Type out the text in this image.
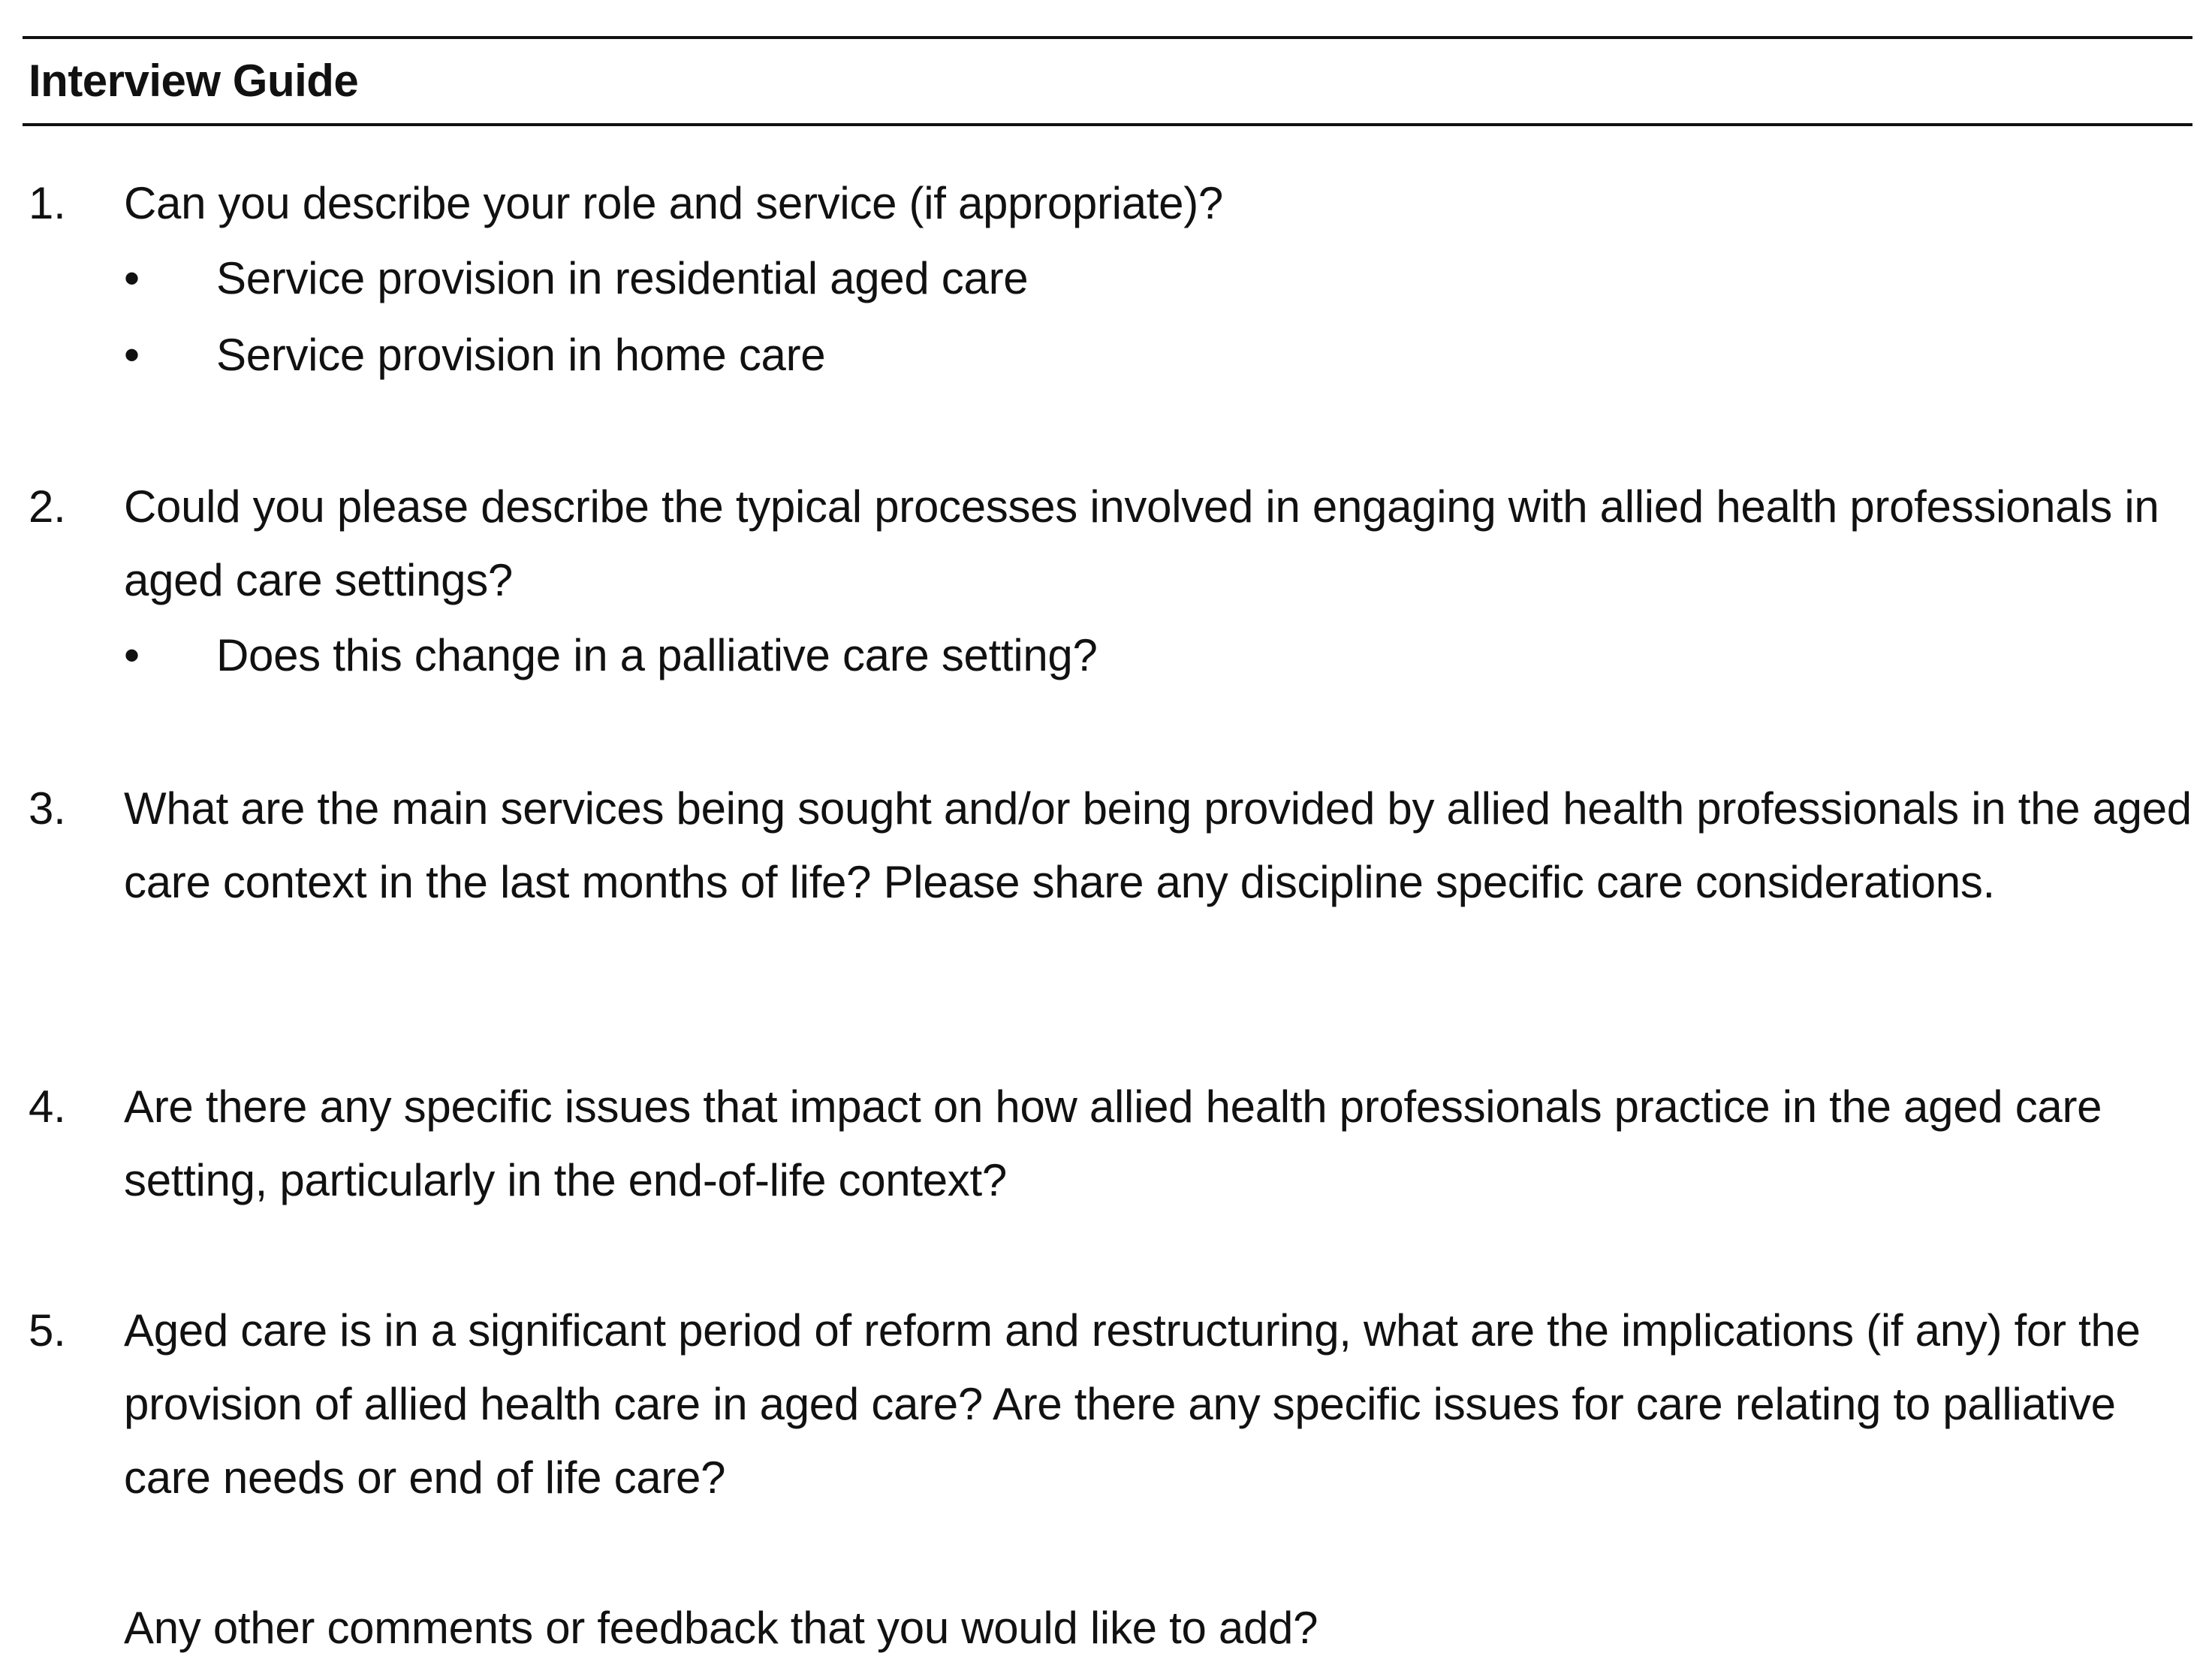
Interview Guide
1.	Can you describe your role and service (if appropriate)?
•	Service provision in residential aged care
•	Service provision in home care
2.	Could you please describe the typical processes involved in engaging with allied health professionals in aged care settings?
•	Does this change in a palliative care setting?
3.	What are the main services being sought and/or being provided by allied health professionals in the aged care context in the last months of life? Please share any discipline specific care considerations.
4.	Are there any specific issues that impact on how allied health professionals practice in the aged care setting, particularly in the end-of-life context?
5.	Aged care is in a significant period of reform and restructuring, what are the implications (if any) for the provision of allied health care in aged care? Are there any specific issues for care relating to palliative care needs or end of life care?
Any other comments or feedback that you would like to add?
